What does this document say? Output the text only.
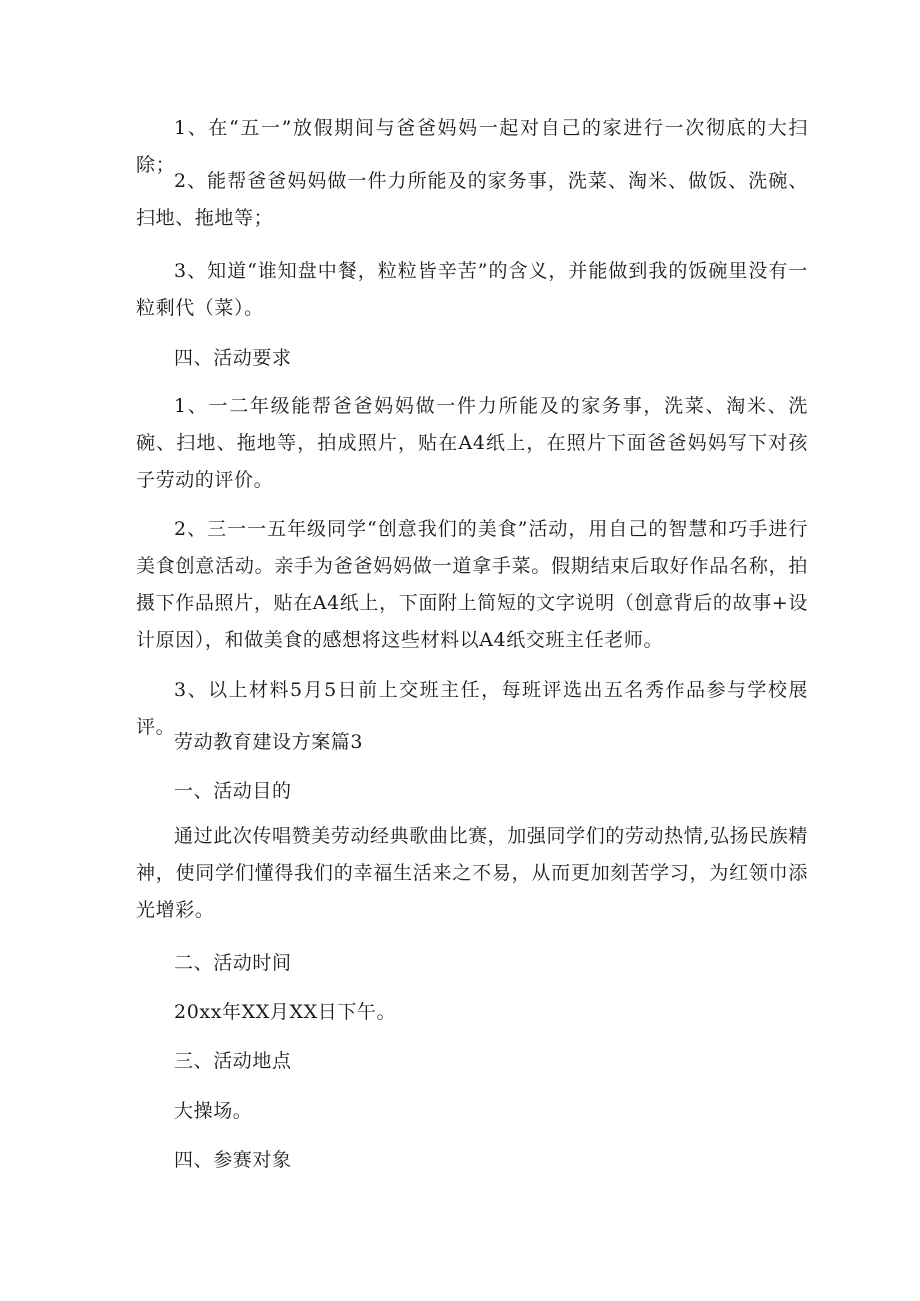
1、在“五一”放假期间与爸爸妈妈一起对自己的家进行一次彻底的大扫除；

2、能帮爸爸妈妈做一件力所能及的家务事，洗菜、淘米、做饭、洗碗、扫地、拖地等；

3、知道“谁知盘中餐，粒粒皆辛苦”的含义，并能做到我的饭碗里没有一粒剩代（菜）。

四、活动要求

1、一二年级能帮爸爸妈妈做一件力所能及的家务事，洗菜、淘米、洗碗、扫地、拖地等，拍成照片，贴在A4纸上，在照片下面爸爸妈妈写下对孩子劳动的评价。

2、三一一五年级同学“创意我们的美食”活动，用自己的智慧和巧手进行美食创意活动。亲手为爸爸妈妈做一道拿手菜。假期结束后取好作品名称，拍摄下作品照片，贴在A4纸上，下面附上简短的文字说明（创意背后的故事+设计原因），和做美食的感想将这些材料以A4纸交班主任老师。

3、以上材料5月5日前上交班主任，每班评选出五名秀作品参与学校展评。

劳动教育建设方案篇3

一、活动目的

通过此次传唱赞美劳动经典歌曲比赛，加强同学们的劳动热情,弘扬民族精神，使同学们懂得我们的幸福生活来之不易，从而更加刻苦学习，为红领巾添光增彩。

二、活动时间

20xx年XX月XX日下午。

三、活动地点

大操场。

四、参赛对象
